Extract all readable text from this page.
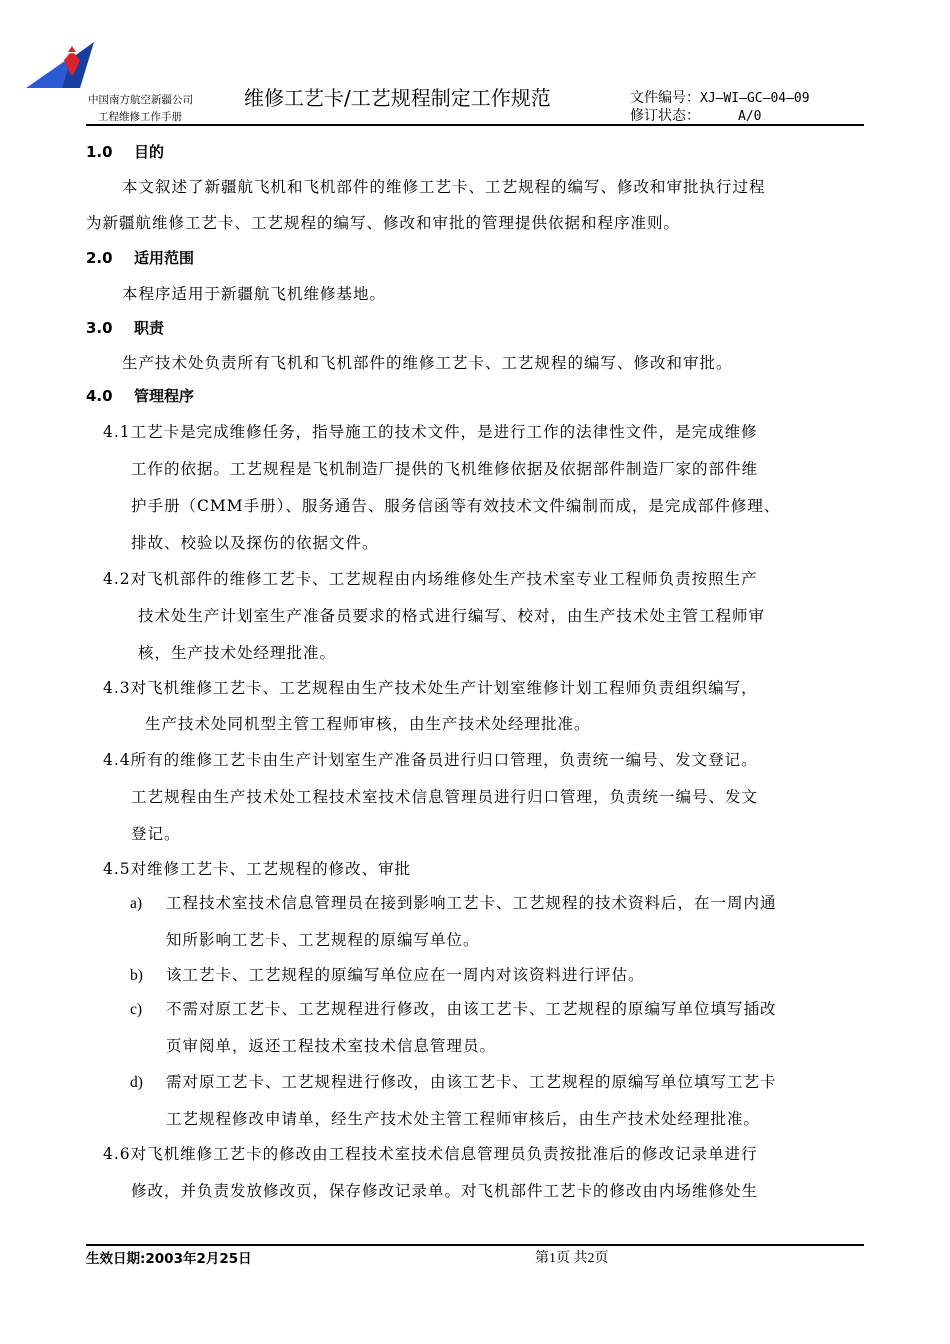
中国南方航空新疆公司
工程维修工作手册
维修工艺卡/工艺规程制定工作规范	文件编号：XJ—WI—GC—04—09
修订状态：	A/0
1.0 目的
本文叙述了新疆航飞机和飞机部件的维修工艺卡、工艺规程的编写、修改和审批执行过程
为新疆航维修工艺卡、工艺规程的编写、修改和审批的管理提供依据和程序准则。
2.0 适用范围
本程序适用于新疆航飞机维修基地。
3.0 职责
生产技术处负责所有飞机和飞机部件的维修工艺卡、工艺规程的编写、修改和审批。
4.0 管理程序
4.1工艺卡是完成维修任务，指导施工的技术文件，是进行工作的法律性文件，是完成维修
工作的依据。工艺规程是飞机制造厂提供的飞机维修依据及依据部件制造厂家的部件维
护手册（CMM手册）、服务通告、服务信函等有效技术文件编制而成，是完成部件修理、
排故、校验以及探伤的依据文件。
4.2对飞机部件的维修工艺卡、工艺规程由内场维修处生产技术室专业工程师负责按照生产
技术处生产计划室生产准备员要求的格式进行编写、校对，由生产技术处主管工程师审
核，生产技术处经理批准。
4.3对飞机维修工艺卡、工艺规程由生产技术处生产计划室维修计划工程师负责组织编写，
生产技术处同机型主管工程师审核，由生产技术处经理批准。
4.4所有的维修工艺卡由生产计划室生产准备员进行归口管理，负责统一编号、发文登记。
工艺规程由生产技术处工程技术室技术信息管理员进行归口管理，负责统一编号、发文
登记。
4.5对维修工艺卡、工艺规程的修改、审批
a) 工程技术室技术信息管理员在接到影响工艺卡、工艺规程的技术资料后，在一周内通
知所影响工艺卡、工艺规程的原编写单位。
b) 该工艺卡、工艺规程的原编写单位应在一周内对该资料进行评估。
c) 不需对原工艺卡、工艺规程进行修改，由该工艺卡、工艺规程的原编写单位填写插改
页审阅单，返还工程技术室技术信息管理员。
d) 需对原工艺卡、工艺规程进行修改，由该工艺卡、工艺规程的原编写单位填写工艺卡
工艺规程修改申请单，经生产技术处主管工程师审核后，由生产技术处经理批准。
4.6对飞机维修工艺卡的修改由工程技术室技术信息管理员负责按批准后的修改记录单进行
修改，并负责发放修改页，保存修改记录单。对飞机部件工艺卡的修改由内场维修处生
生效日期:2003年2月25日	第1页 共2页
